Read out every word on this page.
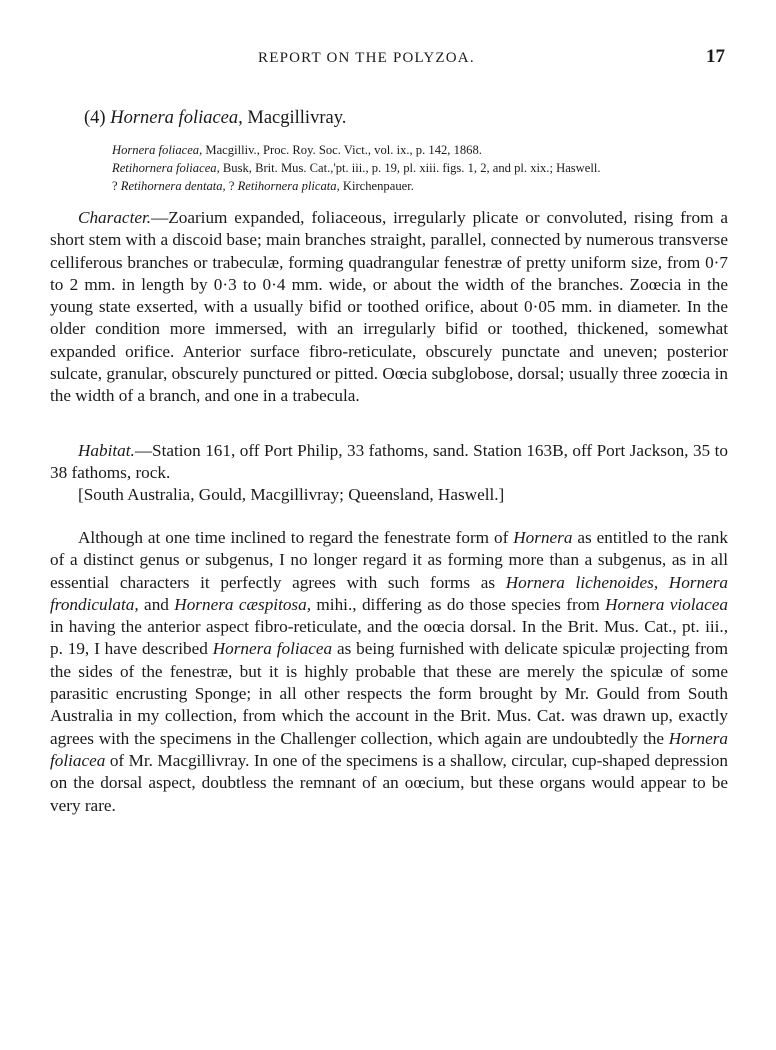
REPORT ON THE POLYZOA.	17
(4) Hornera foliacea, Macgillivray.
Hornera foliacea, Macgilliv., Proc. Roy. Soc. Vict., vol. ix., p. 142, 1868.
Retihornera foliacea, Busk, Brit. Mus. Cat.,'pt. iii., p. 19, pl. xiii. figs. 1, 2, and pl. xix.; Haswell.
? Retihornera dentata, ? Retihornera plicata, Kirchenpauer.

Character.—Zoarium expanded, foliaceous, irregularly plicate or convoluted, rising from a short stem with a discoid base; main branches straight, parallel, connected by numerous transverse celliferous branches or trabeculæ, forming quadrangular fenestræ of pretty uniform size, from 0·7 to 2 mm. in length by 0·3 to 0·4 mm. wide, or about the width of the branches. Zoœcia in the young state exserted, with a usually bifid or toothed orifice, about 0·05 mm. in diameter. In the older condition more immersed, with an irregularly bifid or toothed, thickened, somewhat expanded orifice. Anterior surface fibro-reticulate, obscurely punctate and uneven; posterior sulcate, granular, obscurely punctured or pitted. Oœcia subglobose, dorsal; usually three zoœcia in the width of a branch, and one in a trabecula.

Habitat.—Station 161, off Port Philip, 33 fathoms, sand. Station 163B, off Port Jackson, 35 to 38 fathoms, rock.

[South Australia, Gould, Macgillivray; Queensland, Haswell.]

Although at one time inclined to regard the fenestrate form of Hornera as entitled to the rank of a distinct genus or subgenus, I no longer regard it as forming more than a subgenus, as in all essential characters it perfectly agrees with such forms as Hornera lichenoides, Hornera frondiculata, and Hornera cæspitosa, mihi., differing as do those species from Hornera violacea in having the anterior aspect fibro-reticulate, and the oœcia dorsal. In the Brit. Mus. Cat., pt. iii., p. 19, I have described Hornera foliacea as being furnished with delicate spiculæ projecting from the sides of the fenestræ, but it is highly probable that these are merely the spiculæ of some parasitic encrusting Sponge; in all other respects the form brought by Mr. Gould from South Australia in my collection, from which the account in the Brit. Mus. Cat. was drawn up, exactly agrees with the specimens in the Challenger collection, which again are undoubtedly the Hornera foliacea of Mr. Macgillivray. In one of the specimens is a shallow, circular, cup-shaped depression on the dorsal aspect, doubtless the remnant of an oœcium, but these organs would appear to be very rare.
